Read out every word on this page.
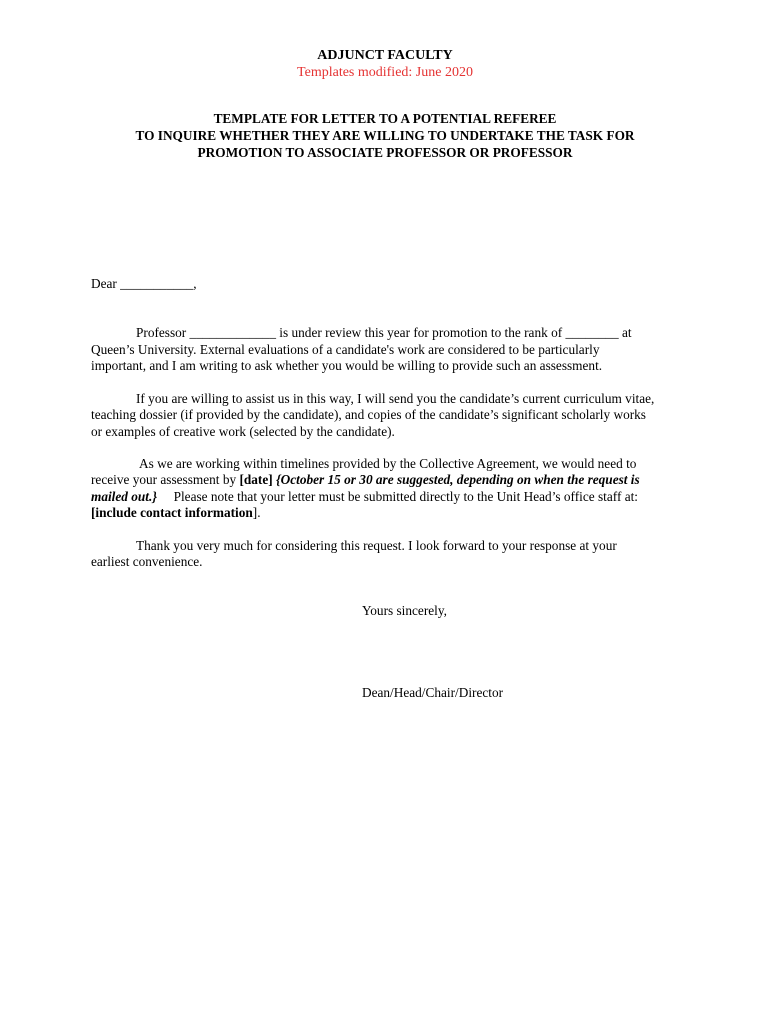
ADJUNCT FACULTY
Templates modified: June 2020
TEMPLATE FOR LETTER TO A POTENTIAL REFEREE
TO INQUIRE WHETHER THEY ARE WILLING TO UNDERTAKE THE TASK FOR
PROMOTION TO ASSOCIATE PROFESSOR OR PROFESSOR
Dear ___________,
Professor _____________ is under review this year for promotion to the rank of ________ at
Queen’s University. External evaluations of a candidate's work are considered to be particularly
important, and I am writing to ask whether you would be willing to provide such an assessment.
If you are willing to assist us in this way, I will send you the candidate’s current curriculum vitae,
teaching dossier (if provided by the candidate), and copies of the candidate’s significant scholarly works
or examples of creative work (selected by the candidate).
As we are working within timelines provided by the Collective Agreement, we would need to
receive your assessment by [date] {October 15 or 30 are suggested, depending on when the request is
mailed out.}     Please note that your letter must be submitted directly to the Unit Head’s office staff at:
[include contact information].
Thank you very much for considering this request. I look forward to your response at your
earliest convenience.
Yours sincerely,
Dean/Head/Chair/Director
